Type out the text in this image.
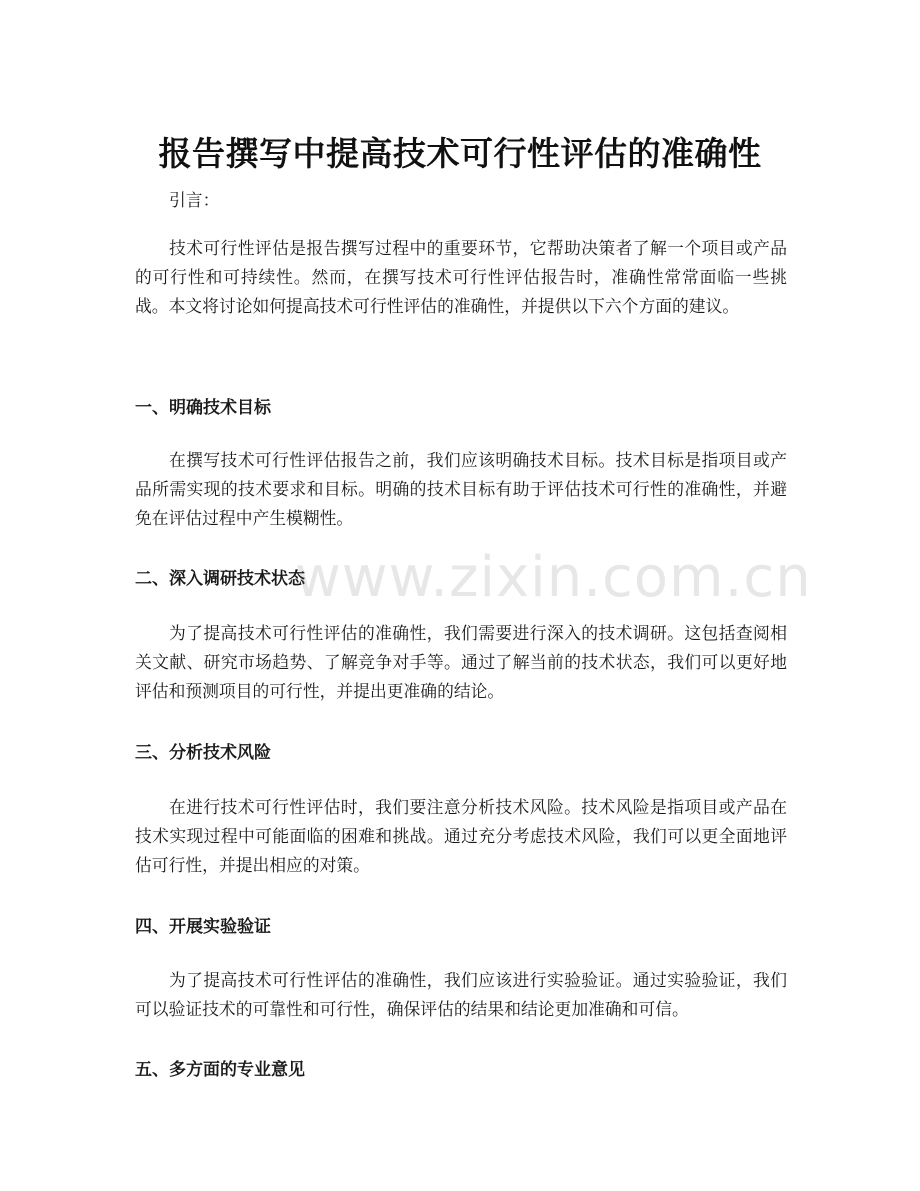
报告撰写中提高技术可行性评估的准确性

引言：

技术可行性评估是报告撰写过程中的重要环节，它帮助决策者了解一个项目或产品的可行性和可持续性。然而，在撰写技术可行性评估报告时，准确性常常面临一些挑战。本文将讨论如何提高技术可行性评估的准确性，并提供以下六个方面的建议。

一、明确技术目标

在撰写技术可行性评估报告之前，我们应该明确技术目标。技术目标是指项目或产品所需实现的技术要求和目标。明确的技术目标有助于评估技术可行性的准确性，并避免在评估过程中产生模糊性。

二、深入调研技术状态

为了提高技术可行性评估的准确性，我们需要进行深入的技术调研。这包括查阅相关文献、研究市场趋势、了解竞争对手等。通过了解当前的技术状态，我们可以更好地评估和预测项目的可行性，并提出更准确的结论。

三、分析技术风险

在进行技术可行性评估时，我们要注意分析技术风险。技术风险是指项目或产品在技术实现过程中可能面临的困难和挑战。通过充分考虑技术风险，我们可以更全面地评估可行性，并提出相应的对策。

四、开展实验验证

为了提高技术可行性评估的准确性，我们应该进行实验验证。通过实验验证，我们可以验证技术的可靠性和可行性，确保评估的结果和结论更加准确和可信。

五、多方面的专业意见
www.zixin.com.cn
